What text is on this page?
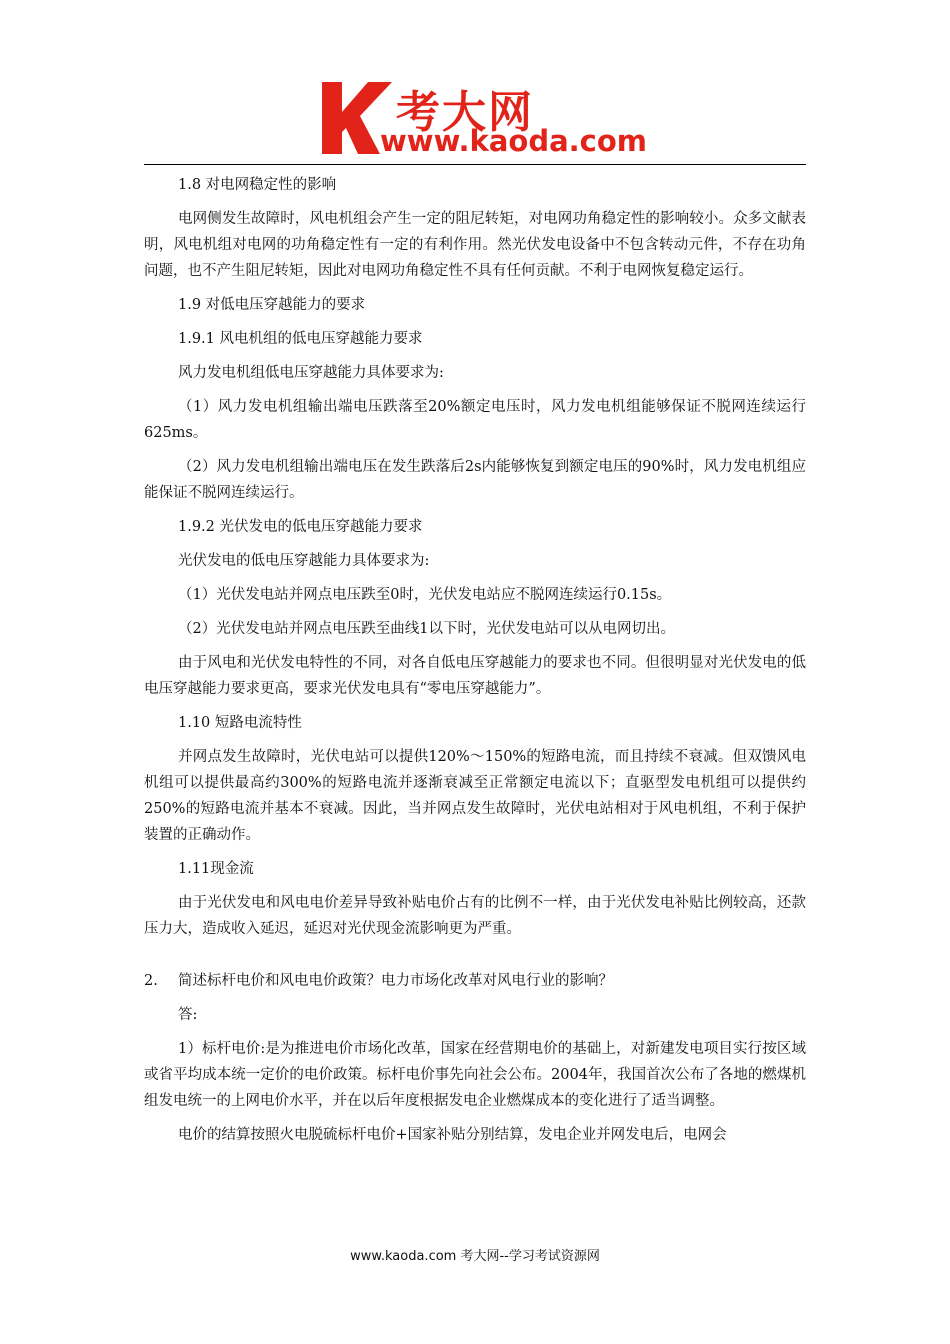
考大网
www.kaoda.com

1.8 对电网稳定性的影响

电网侧发生故障时，风电机组会产生一定的阻尼转矩，对电网功角稳定性的影响较小。众多文献表明，风电机组对电网的功角稳定性有一定的有利作用。然光伏发电设备中不包含转动元件，不存在功角问题，也不产生阻尼转矩，因此对电网功角稳定性不具有任何贡献。不利于电网恢复稳定运行。

1.9 对低电压穿越能力的要求

1.9.1 风电机组的低电压穿越能力要求

风力发电机组低电压穿越能力具体要求为:

（1）风力发电机组输出端电压跌落至20%额定电压时，风力发电机组能够保证不脱网连续运行625ms。

（2）风力发电机组输出端电压在发生跌落后2s内能够恢复到额定电压的90%时，风力发电机组应能保证不脱网连续运行。

1.9.2 光伏发电的低电压穿越能力要求

光伏发电的低电压穿越能力具体要求为:

（1）光伏发电站并网点电压跌至0时，光伏发电站应不脱网连续运行0.15s。

（2）光伏发电站并网点电压跌至曲线1以下时，光伏发电站可以从电网切出。

由于风电和光伏发电特性的不同，对各自低电压穿越能力的要求也不同。但很明显对光伏发电的低电压穿越能力要求更高，要求光伏发电具有“零电压穿越能力”。

1.10 短路电流特性

并网点发生故障时，光伏电站可以提供120%～150%的短路电流，而且持续不衰减。但双馈风电机组可以提供最高约300%的短路电流并逐渐衰减至正常额定电流以下；直驱型发电机组可以提供约250%的短路电流并基本不衰减。因此，当并网点发生故障时，光伏电站相对于风电机组，不利于保护装置的正确动作。

1.11现金流

由于光伏发电和风电电价差异导致补贴电价占有的比例不一样，由于光伏发电补贴比例较高，还款压力大，造成收入延迟，延迟对光伏现金流影响更为严重。

2. 简述标杆电价和风电电价政策？电力市场化改革对风电行业的影响？

答:

1）标杆电价:是为推进电价市场化改革，国家在经营期电价的基础上，对新建发电项目实行按区域或省平均成本统一定价的电价政策。标杆电价事先向社会公布。2004年，我国首次公布了各地的燃煤机组发电统一的上网电价水平，并在以后年度根据发电企业燃煤成本的变化进行了适当调整。

电价的结算按照火电脱硫标杆电价+国家补贴分别结算，发电企业并网发电后，电网会

www.kaoda.com 考大网--学习考试资源网
